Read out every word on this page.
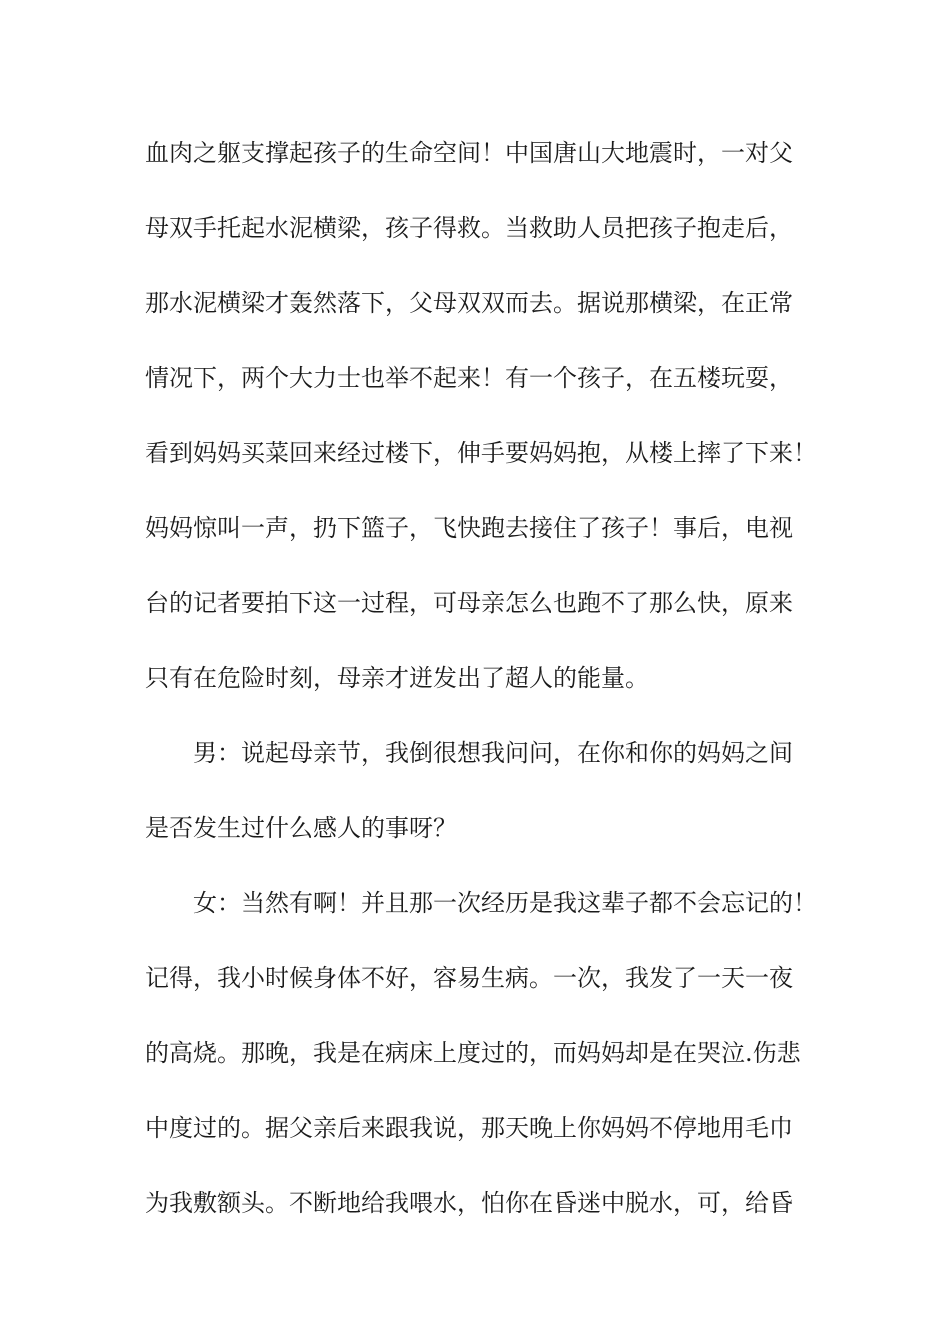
血肉之躯支撑起孩子的生命空间！中国唐山大地震时，一对父
母双手托起水泥横梁，孩子得救。当救助人员把孩子抱走后，
那水泥横梁才轰然落下，父母双双而去。据说那横梁，在正常
情况下，两个大力士也举不起来！有一个孩子，在五楼玩耍，
看到妈妈买菜回来经过楼下，伸手要妈妈抱，从楼上摔了下来！
妈妈惊叫一声，扔下篮子，飞快跑去接住了孩子！事后，电视
台的记者要拍下这一过程，可母亲怎么也跑不了那么快，原来
只有在危险时刻，母亲才迸发出了超人的能量。
男：说起母亲节，我倒很想我问问，在你和你的妈妈之间
是否发生过什么感人的事呀？
女：当然有啊！并且那一次经历是我这辈子都不会忘记的！
记得，我小时候身体不好，容易生病。一次，我发了一天一夜
的高烧。那晚，我是在病床上度过的，而妈妈却是在哭泣.伤悲
中度过的。据父亲后来跟我说，那天晚上你妈妈不停地用毛巾
为我敷额头。不断地给我喂水，怕你在昏迷中脱水，可，给昏
